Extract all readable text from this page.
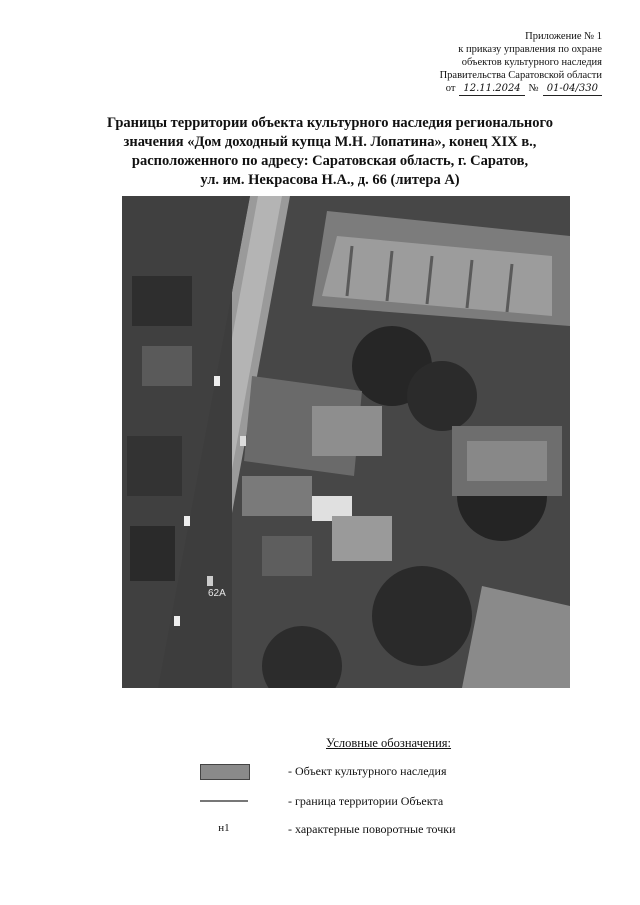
Приложение № 1
к приказу управления по охране
объектов культурного наследия
Правительства Саратовской области
от 12.11.2024 № 01-04/330
Границы территории объекта культурного наследия регионального
значения «Дом доходный купца М.Н. Лопатина», конец XIX в.,
расположенного по адресу: Саратовская область, г. Саратов,
ул. им. Некрасова Н.А., д. 66 (литера А)
62А
Условные обозначения:
- Объект культурного наследия
- граница территории Объекта
н1	- характерные поворотные точки
